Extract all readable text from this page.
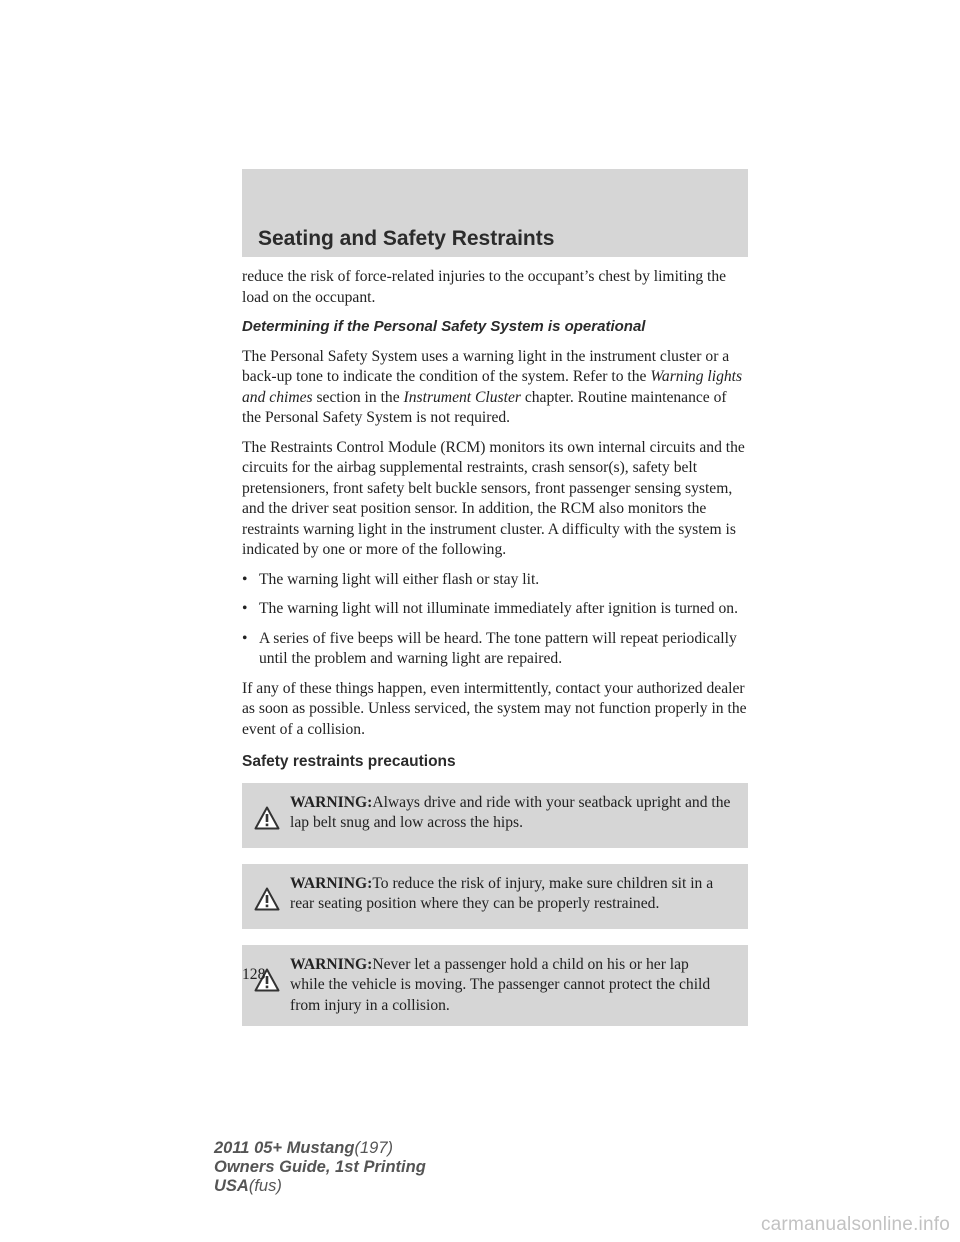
Seating and Safety Restraints

reduce the risk of force-related injuries to the occupant’s chest by limiting the load on the occupant.

Determining if the Personal Safety System is operational

The Personal Safety System uses a warning light in the instrument cluster or a back-up tone to indicate the condition of the system. Refer to the Warning lights and chimes section in the Instrument Cluster chapter. Routine maintenance of the Personal Safety System is not required.

The Restraints Control Module (RCM) monitors its own internal circuits and the circuits for the airbag supplemental restraints, crash sensor(s), safety belt pretensioners, front safety belt buckle sensors, front passenger sensing system, and the driver seat position sensor. In addition, the RCM also monitors the restraints warning light in the instrument cluster. A difficulty with the system is indicated by one or more of the following.

• The warning light will either flash or stay lit.
• The warning light will not illuminate immediately after ignition is turned on.
• A series of five beeps will be heard. The tone pattern will repeat periodically until the problem and warning light are repaired.

If any of these things happen, even intermittently, contact your authorized dealer as soon as possible. Unless serviced, the system may not function properly in the event of a collision.

Safety restraints precautions

WARNING:Always drive and ride with your seatback upright and the lap belt snug and low across the hips.
WARNING:To reduce the risk of injury, make sure children sit in a rear seating position where they can be properly restrained.
WARNING:Never let a passenger hold a child on his or her lap
while the vehicle is moving. The passenger cannot protect the child from injury in a collision.
128
2011 05+ Mustang(197)
Owners Guide, 1st Printing
USA(fus)
carmanualsonline.info
